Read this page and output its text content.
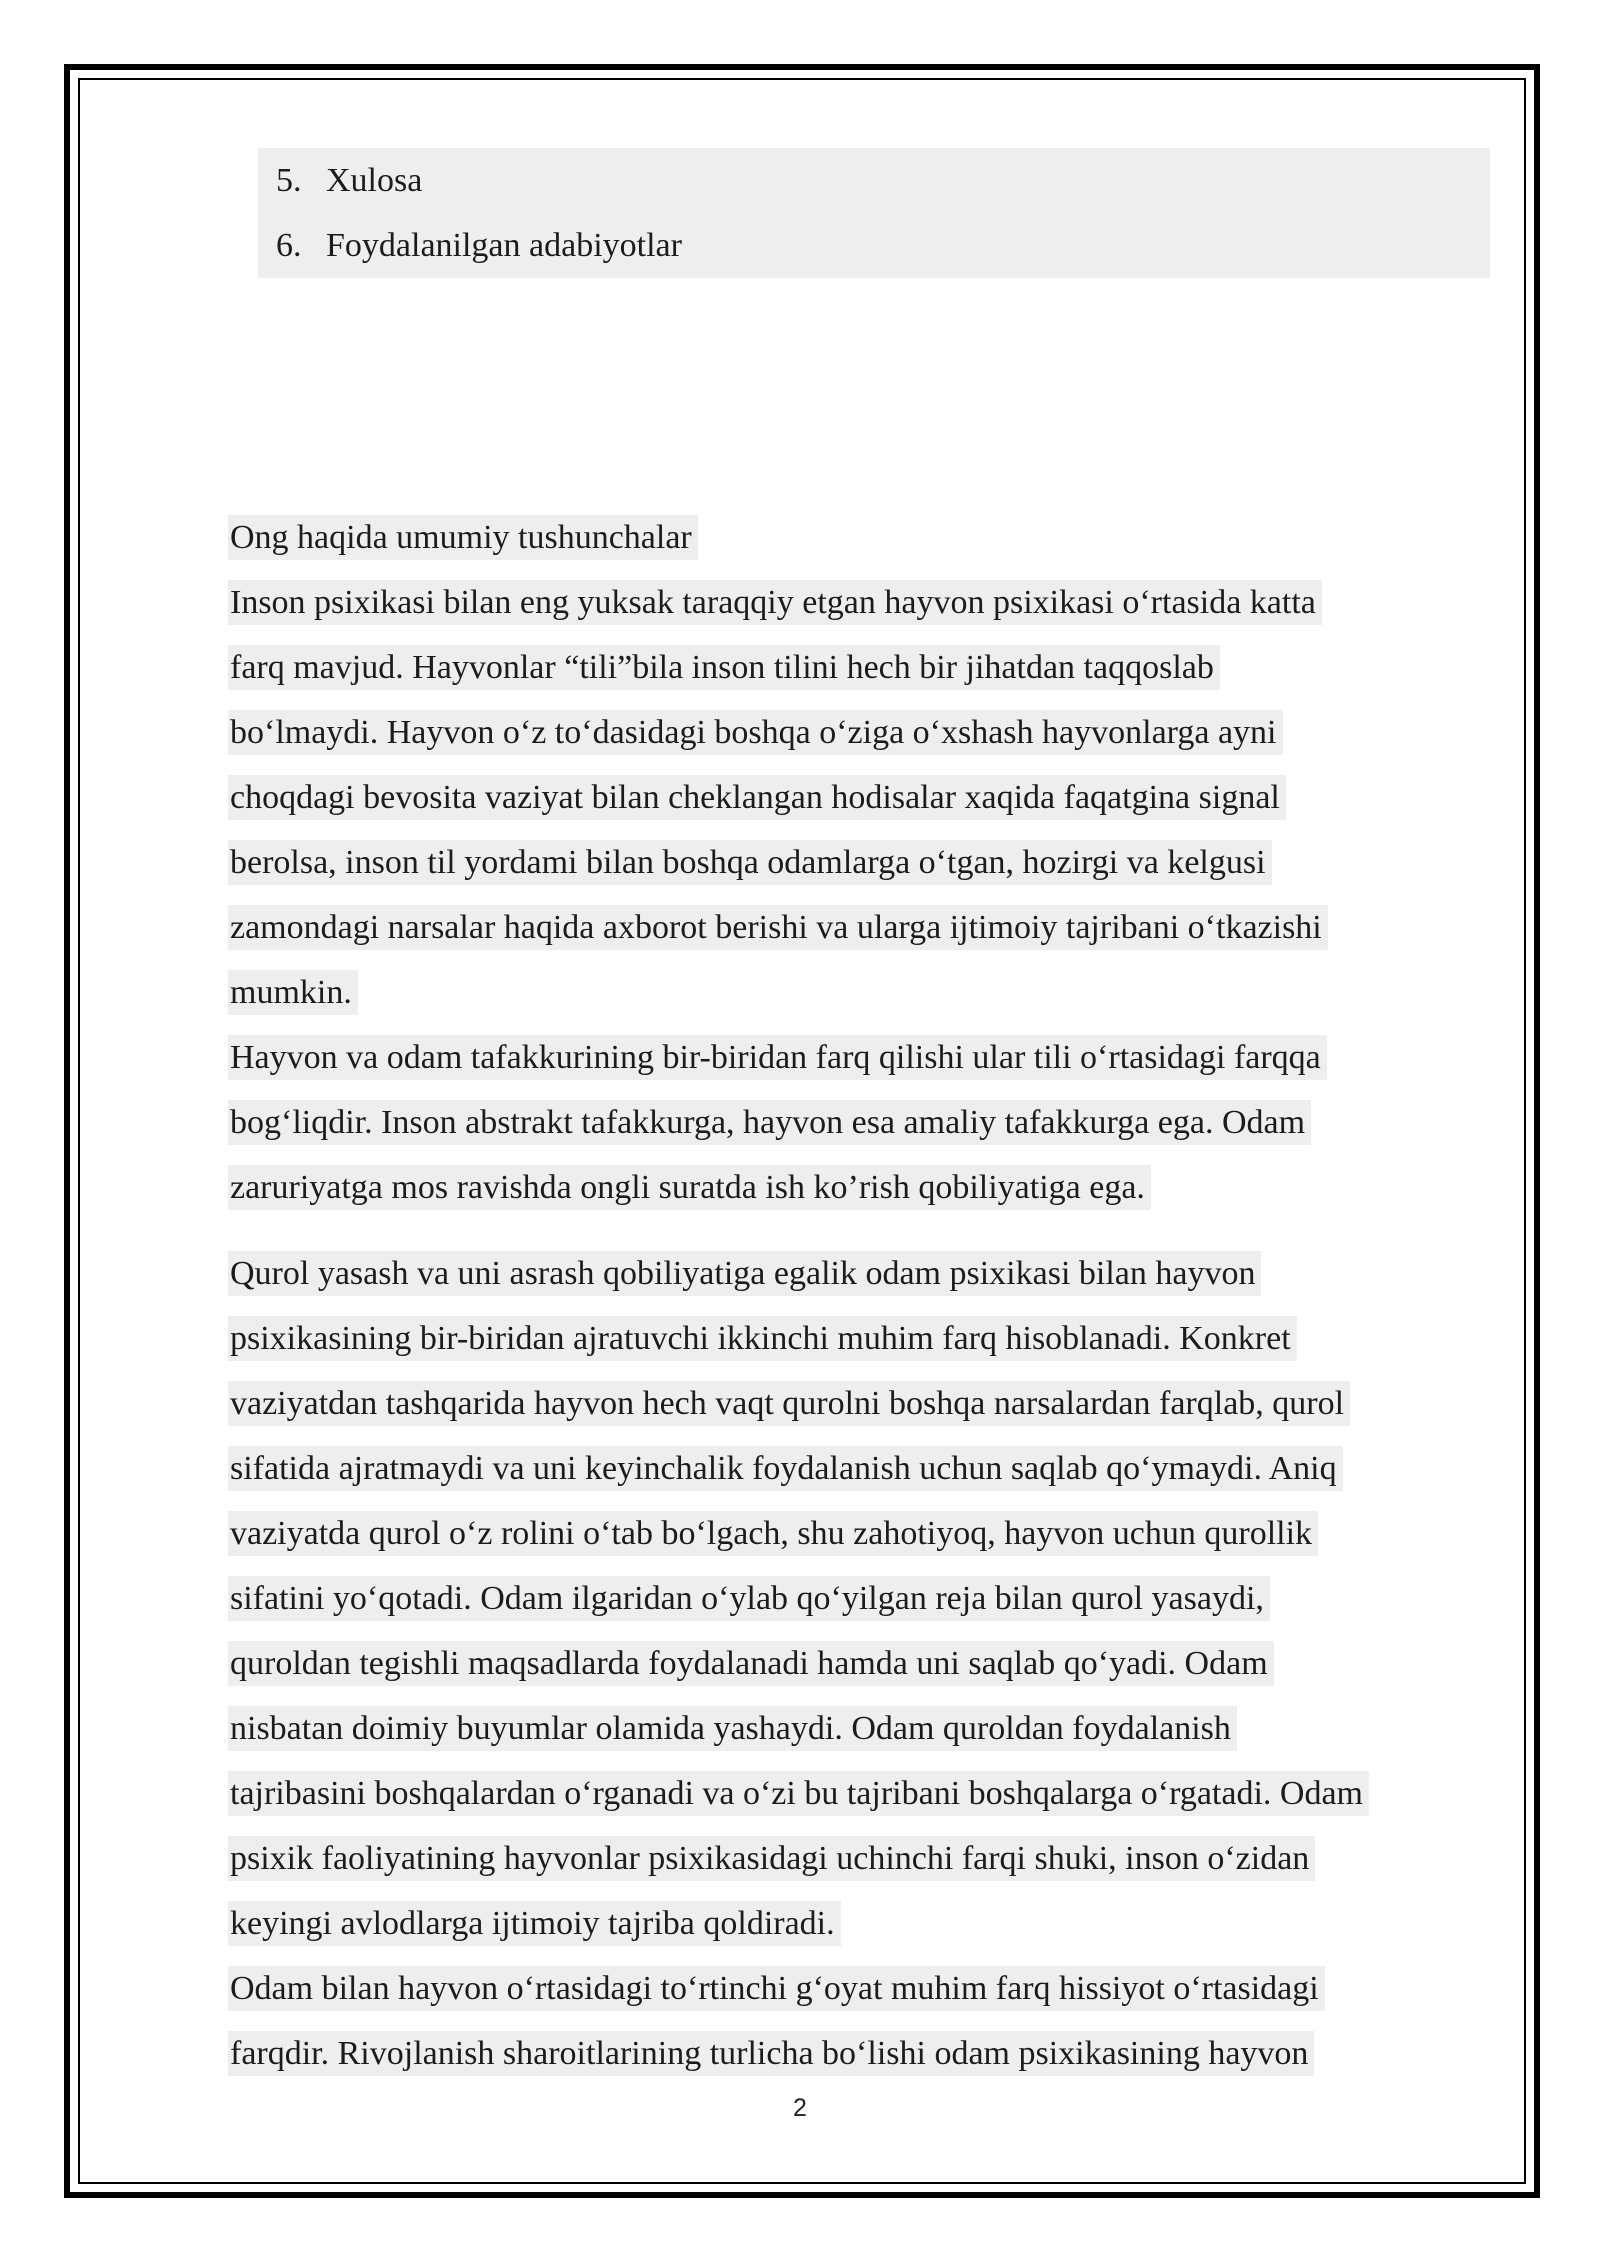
5. Xulosa
6. Foydalanilgan adabiyotlar
Ong haqida umumiy tushunchalar
Inson psixikasi bilan eng yuksak taraqqiy etgan hayvon psixikasi o‘rtasida katta
farq mavjud. Hayvonlar “tili”bila inson tilini hech bir jihatdan taqqoslab
bo‘lmaydi. Hayvon o‘z to‘dasidagi boshqa o‘ziga o‘xshash hayvonlarga ayni
choqdagi bevosita vaziyat bilan cheklangan hodisalar xaqida faqatgina signal
berolsa, inson til yordami bilan boshqa odamlarga o‘tgan, hozirgi va kelgusi
zamondagi narsalar haqida axborot berishi va ularga ijtimoiy tajribani o‘tkazishi
mumkin.
Hayvon va odam tafakkurining bir-biridan farq qilishi ular tili o‘rtasidagi farqqa
bog‘liqdir. Inson abstrakt tafakkurga, hayvon esa amaliy tafakkurga ega. Odam
zaruriyatga mos ravishda ongli suratda ish ko’rish qobiliyatiga ega.
Qurol yasash va uni asrash qobiliyatiga egalik odam psixikasi bilan hayvon
psixikasining bir-biridan ajratuvchi ikkinchi muhim farq hisoblanadi. Konkret
vaziyatdan tashqarida hayvon hech vaqt qurolni boshqa narsalardan farqlab, qurol
sifatida ajratmaydi va uni keyinchalik foydalanish uchun saqlab qo‘ymaydi. Aniq
vaziyatda qurol o‘z rolini o‘tab bo‘lgach, shu zahotiyoq, hayvon uchun qurollik
sifatini yo‘qotadi. Odam ilgaridan o‘ylab qo‘yilgan reja bilan qurol yasaydi,
quroldan tegishli maqsadlarda foydalanadi hamda uni saqlab qo‘yadi. Odam
nisbatan doimiy buyumlar olamida yashaydi. Odam quroldan foydalanish
tajribasini boshqalardan o‘rganadi va o‘zi bu tajribani boshqalarga o‘rgatadi. Odam
psixik faoliyatining hayvonlar psixikasidagi uchinchi farqi shuki, inson o‘zidan
keyingi avlodlarga ijtimoiy tajriba qoldiradi.
Odam bilan hayvon o‘rtasidagi to‘rtinchi g‘oyat muhim farq hissiyot o‘rtasidagi
farqdir. Rivojlanish sharoitlarining turlicha bo‘lishi odam psixikasining hayvon
2
